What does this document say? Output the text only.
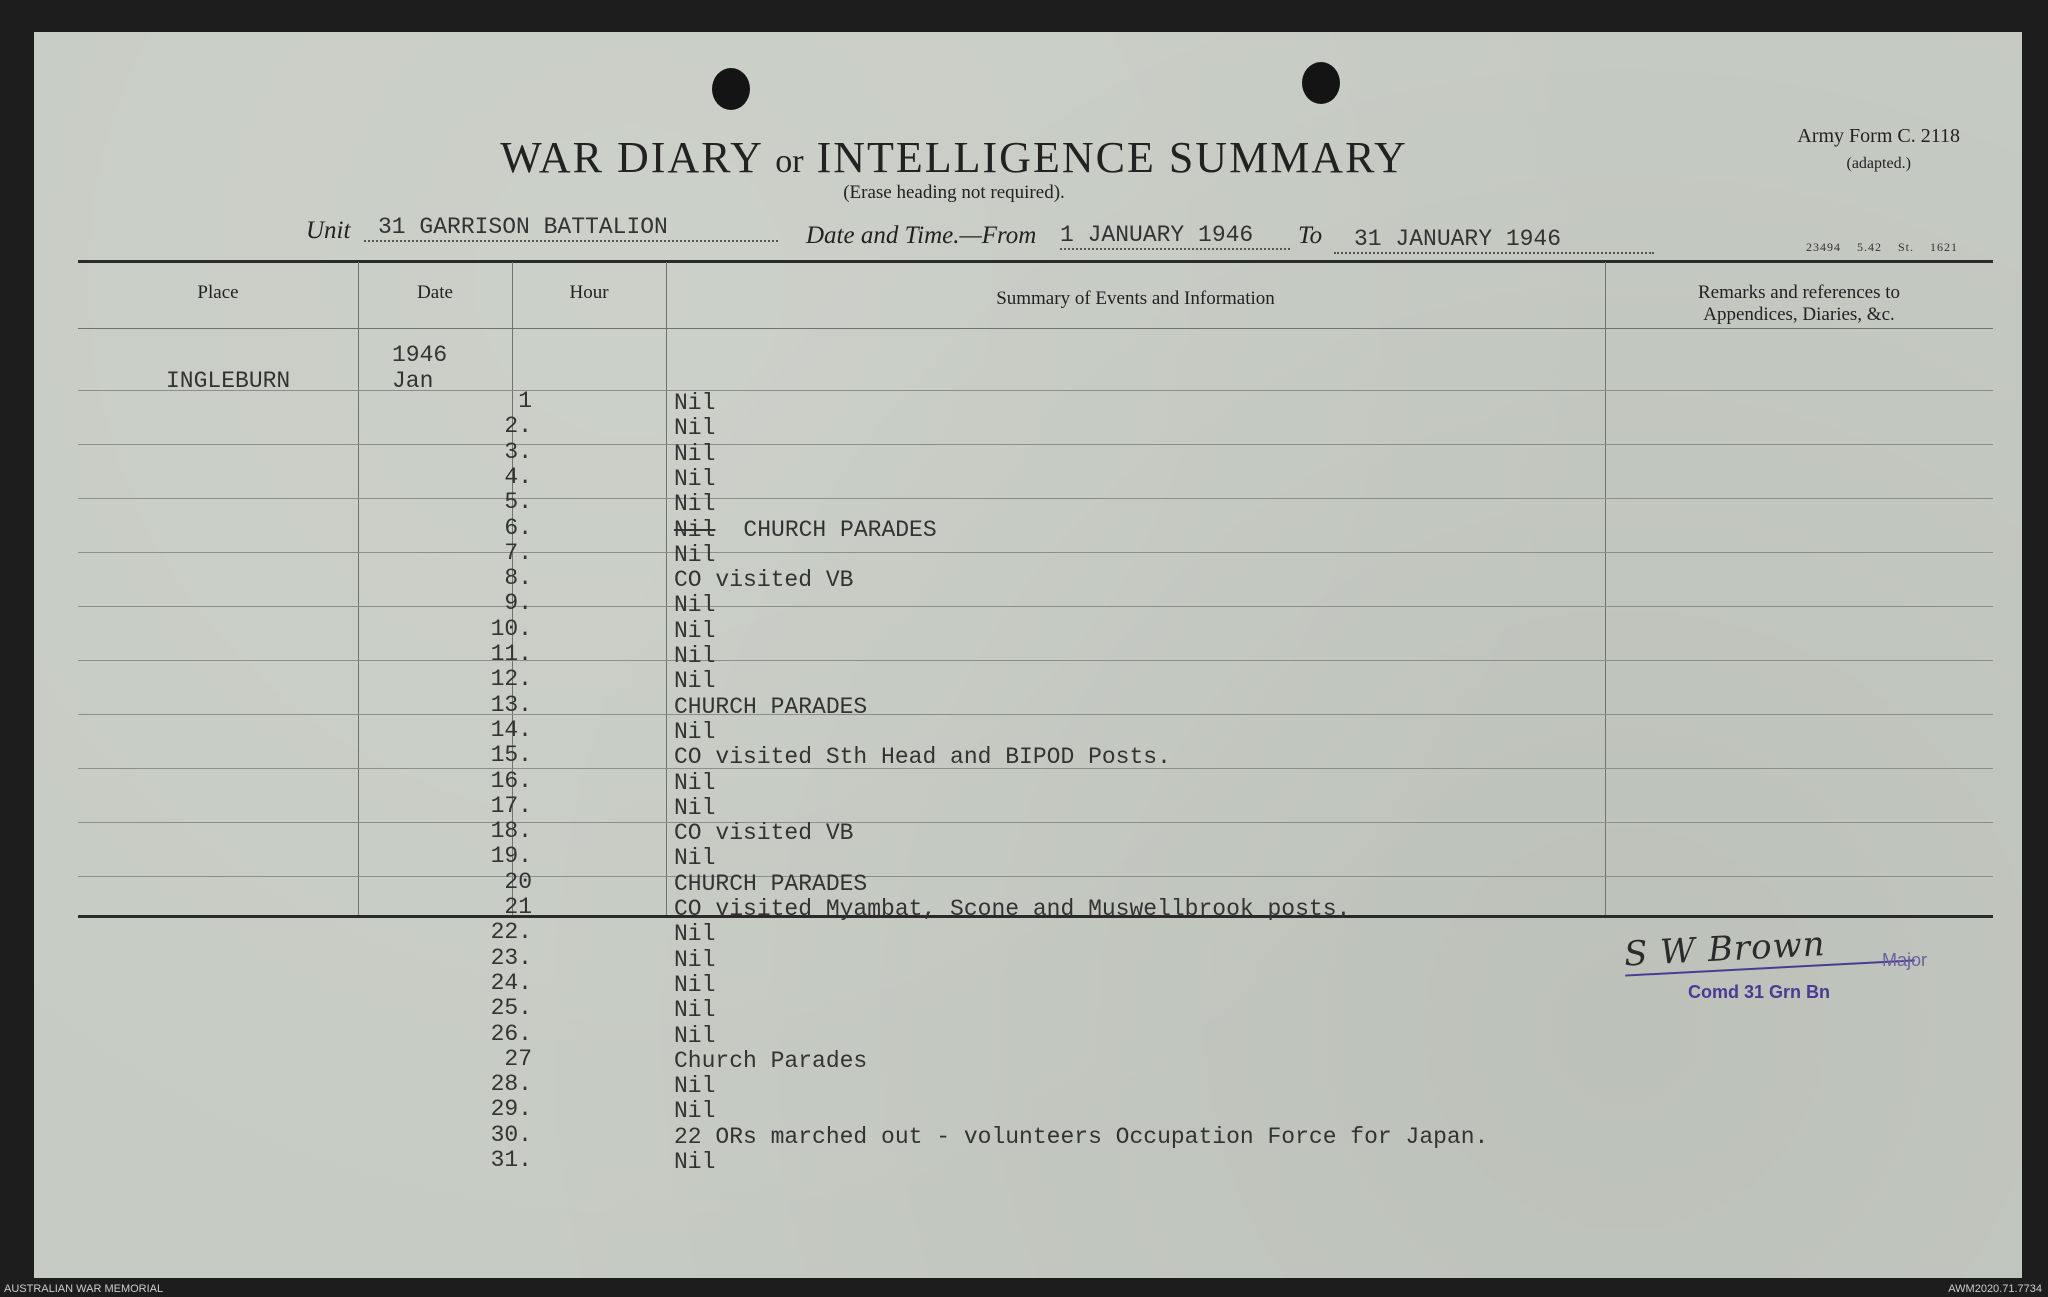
WAR DIARY or INTELLIGENCE SUMMARY
(Erase heading not required).
Army Form C. 2118
(adapted.)
23494 5.42 St. 1621
Unit	31 GARRISON BATTALION	Date and Time.—From 1 JANUARY 1946	To	31 JANUARY 1946
Place	Date	Hour	Summary of Events and Information	Remarks and references to
Appendices, Diaries, &c.
INGLEBURN
1946
Jan
1	Nil
2.	Nil
3.	Nil
4.	Nil
5.	Nil
6.	Nil CHURCH PARADES
7.	Nil
8.	CO visited VB
9.	Nil
10.	Nil
11.	Nil
12.	Nil
13.	CHURCH PARADES
14.	Nil
15.	CO visited Sth Head and BIPOD Posts.
16.	Nil
17.	Nil
18.	CO visited VB
19.	Nil
20	CHURCH PARADES
21	CO visited Myambat, Scone and Muswellbrook posts.
22.	Nil
23.	Nil
24.	Nil
25.	Nil
26.	Nil
27	Church Parades
28.	Nil
29.	Nil
30.	22 ORs marched out - volunteers Occupation Force for Japan.
31.	Nil
S W Brown	Major
Comd 31 Grn Bn
AUSTRALIAN WAR MEMORIAL	AWM2020.71.7734
